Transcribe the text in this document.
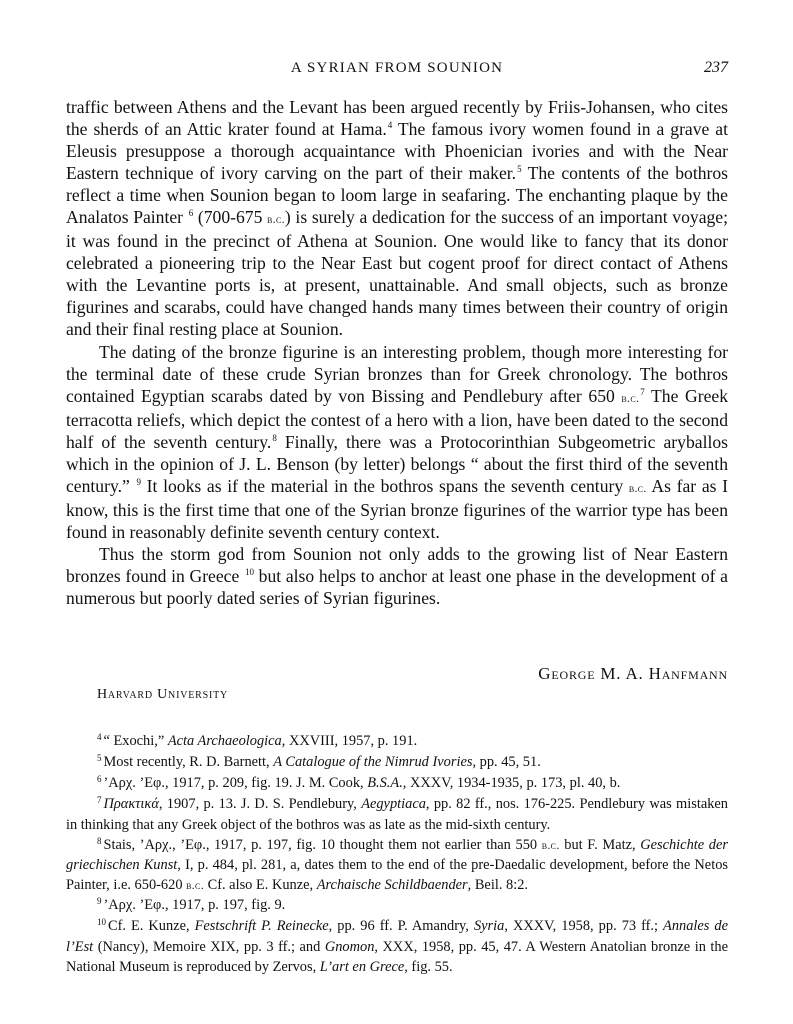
A SYRIAN FROM SOUNION	237

traffic between Athens and the Levant has been argued recently by Friis-Johansen, who cites the sherds of an Attic krater found at Hama.$^4$ The famous ivory women found in a grave at Eleusis presuppose a thorough acquaintance with Phoenician ivories and with the Near Eastern technique of ivory carving on the part of their maker.$^5$ The contents of the bothros reflect a time when Sounion began to loom large in seafaring. The enchanting plaque by the Analatos Painter $^6$ (700-675 b.c.) is surely a dedication for the success of an important voyage; it was found in the precinct of Athena at Sounion. One would like to fancy that its donor celebrated a pioneering trip to the Near East but cogent proof for direct contact of Athens with the Levantine ports is, at present, unattainable. And small objects, such as bronze figurines and scarabs, could have changed hands many times between their country of origin and their final resting place at Sounion.

The dating of the bronze figurine is an interesting problem, though more interesting for the terminal date of these crude Syrian bronzes than for Greek chronology. The bothros contained Egyptian scarabs dated by von Bissing and Pendlebury after 650 b.c.$^7$ The Greek terracotta reliefs, which depict the contest of a hero with a lion, have been dated to the second half of the seventh century.$^8$ Finally, there was a Protocorinthian Subgeometric aryballos which in the opinion of J. L. Benson (by letter) belongs “ about the first third of the seventh century.” $^9$ It looks as if the material in the bothros spans the seventh century b.c. As far as I know, this is the first time that one of the Syrian bronze figurines of the warrior type has been found in reasonably definite seventh century context.

Thus the storm god from Sounion not only adds to the growing list of Near Eastern bronzes found in Greece $^{10}$ but also helps to anchor at least one phase in the development of a numerous but poorly dated series of Syrian figurines.

George M. A. Hanfmann
Harvard University

$^4$ “ Exochi,” Acta Archaeologica, XXVIII, 1957, p. 191.

$^5$ Most recently, R. D. Barnett, A Catalogue of the Nimrud Ivories, pp. 45, 51.

$^6$ ’Αρχ. ’Εφ., 1917, p. 209, fig. 19. J. M. Cook, B.S.A., XXXV, 1934-1935, p. 173, pl. 40, b.

$^7$ Πρακτικά, 1907, p. 13. J. D. S. Pendlebury, Aegyptiaca, pp. 82 ff., nos. 176-225. Pendlebury was mistaken in thinking that any Greek object of the bothros was as late as the mid-sixth century.

$^8$ Stais, ’Αρχ., ’Εφ., 1917, p. 197, fig. 10 thought them not earlier than 550 b.c. but F. Matz, Geschichte der griechischen Kunst, I, p. 484, pl. 281, a, dates them to the end of the pre-Daedalic development, before the Netos Painter, i.e. 650-620 b.c. Cf. also E. Kunze, Archaische Schildbaender, Beil. 8:2.

$^9$ ’Αρχ. ’Εφ., 1917, p. 197, fig. 9.

$^{10}$ Cf. E. Kunze, Festschrift P. Reinecke, pp. 96 ff. P. Amandry, Syria, XXXV, 1958, pp. 73 ff.; Annales de l’Est (Nancy), Memoire XIX, pp. 3 ff.; and Gnomon, XXX, 1958, pp. 45, 47. A Western Anatolian bronze in the National Museum is reproduced by Zervos, L’art en Grece, fig. 55.
